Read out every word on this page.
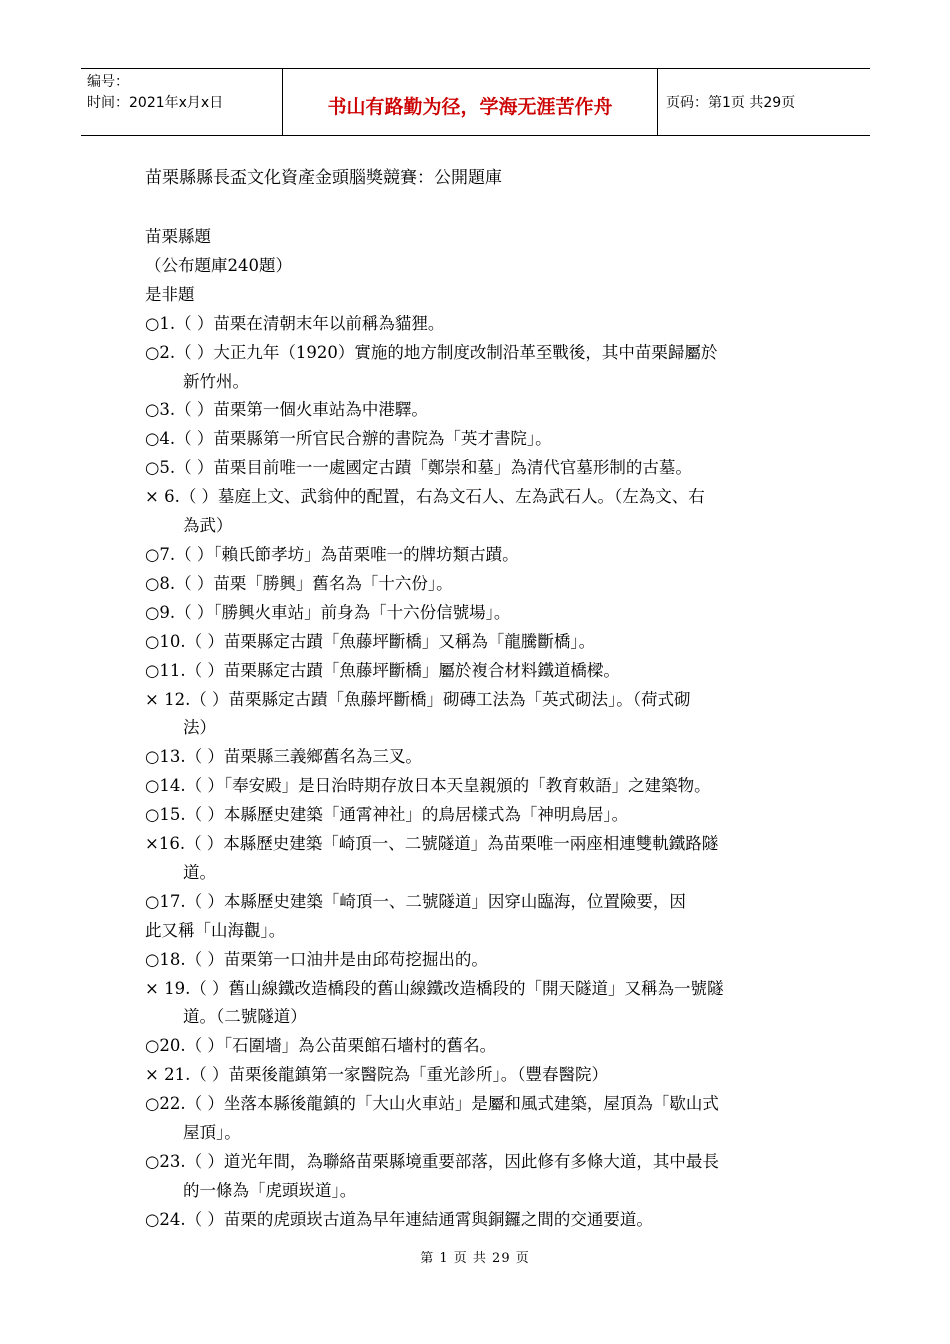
编号：
时间：2021年x月x日	书山有路勤为径，学海无涯苦作舟	页码：第1页 共29页
苗栗縣縣長盃文化資產金頭腦獎競賽：公開題庫
苗栗縣題
（公布題庫240題）
是非題
○1.（ ）苗栗在清朝末年以前稱為貓狸。
○2.（ ）大正九年（1920）實施的地方制度改制沿革至戰後，其中苗栗歸屬於
新竹州。
○3.（ ）苗栗第一個火車站為中港驛。
○4.（ ）苗栗縣第一所官民合辦的書院為「英才書院」。
○5.（ ）苗栗目前唯一一處國定古蹟「鄭崇和墓」為清代官墓形制的古墓。
× 6.（ ）墓庭上文、武翁仲的配置，右為文石人、左為武石人。（左為文、右
為武）
○7.（ ）「賴氏節孝坊」為苗栗唯一的牌坊類古蹟。
○8.（ ）苗栗「勝興」舊名為「十六份」。
○9.（ ）「勝興火車站」前身為「十六份信號場」。
○10.（ ）苗栗縣定古蹟「魚藤坪斷橋」又稱為「龍騰斷橋」。
○11.（ ）苗栗縣定古蹟「魚藤坪斷橋」屬於複合材料鐵道橋樑。
× 12.（ ）苗栗縣定古蹟「魚藤坪斷橋」砌磚工法為「英式砌法」。（荷式砌
法）
○13.（ ）苗栗縣三義鄉舊名為三叉。
○14.（ ）「奉安殿」是日治時期存放日本天皇親頒的「教育敕語」之建築物。
○15.（ ）本縣歷史建築「通霄神社」的鳥居樣式為「神明鳥居」。
×16.（ ）本縣歷史建築「崎頂一、二號隧道」為苗栗唯一兩座相連雙軌鐵路隧
道。
○17.（ ）本縣歷史建築「崎頂一、二號隧道」因穿山臨海，位置險要，因
此又稱「山海觀」。
○18.（ ）苗栗第一口油井是由邱苟挖掘出的。
× 19.（ ）舊山線鐵改造橋段的舊山線鐵改造橋段的「開天隧道」又稱為一號隧
道。（二號隧道）
○20.（ ）「石圍墻」為公苗栗館石墻村的舊名。
× 21.（ ）苗栗後龍鎮第一家醫院為「重光診所」。（豐春醫院）
○22.（ ）坐落本縣後龍鎮的「大山火車站」是屬和風式建築，屋頂為「歇山式
屋頂」。
○23.（ ）道光年間，為聯絡苗栗縣境重要部落，因此修有多條大道，其中最長
的一條為「虎頭崁道」。
○24.（ ）苗栗的虎頭崁古道為早年連結通霄與銅鑼之間的交通要道。
第 1 页 共 29 页
